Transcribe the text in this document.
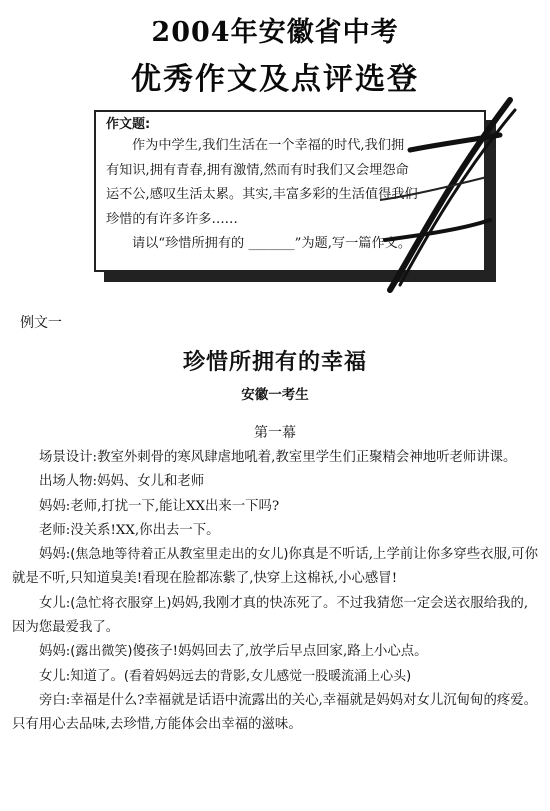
2004年安徽省中考
优秀作文及点评选登
作文题:
作为中学生,我们生活在一个幸福的时代,我们拥
有知识,拥有青春,拥有激情,然而有时我们又会埋怨命
运不公,感叹生活太累。其实,丰富多彩的生活值得我们
珍惜的有许多许多……
请以“珍惜所拥有的 _______”为题,写一篇作文。
例文一
珍惜所拥有的幸福
安徽一考生
第一幕

场景设计:教室外刺骨的寒风肆虐地吼着,教室里学生们正聚精会神地听老师讲课。

出场人物:妈妈、女儿和老师

妈妈:老师,打扰一下,能让XX出来一下吗?

老师:没关系!XX,你出去一下。

妈妈:(焦急地等待着正从教室里走出的女儿)你真是不听话,上学前让你多穿些衣服,可你就是不听,只知道臭美!看现在脸都冻紫了,快穿上这棉袄,小心感冒!

女儿:(急忙将衣服穿上)妈妈,我刚才真的快冻死了。不过我猜您一定会送衣服给我的,因为您最爱我了。

妈妈:(露出微笑)傻孩子!妈妈回去了,放学后早点回家,路上小心点。

女儿:知道了。(看着妈妈远去的背影,女儿感觉一股暖流涌上心头)

旁白:幸福是什么?幸福就是话语中流露出的关心,幸福就是妈妈对女儿沉甸甸的疼爱。只有用心去品味,去珍惜,方能体会出幸福的滋味。
